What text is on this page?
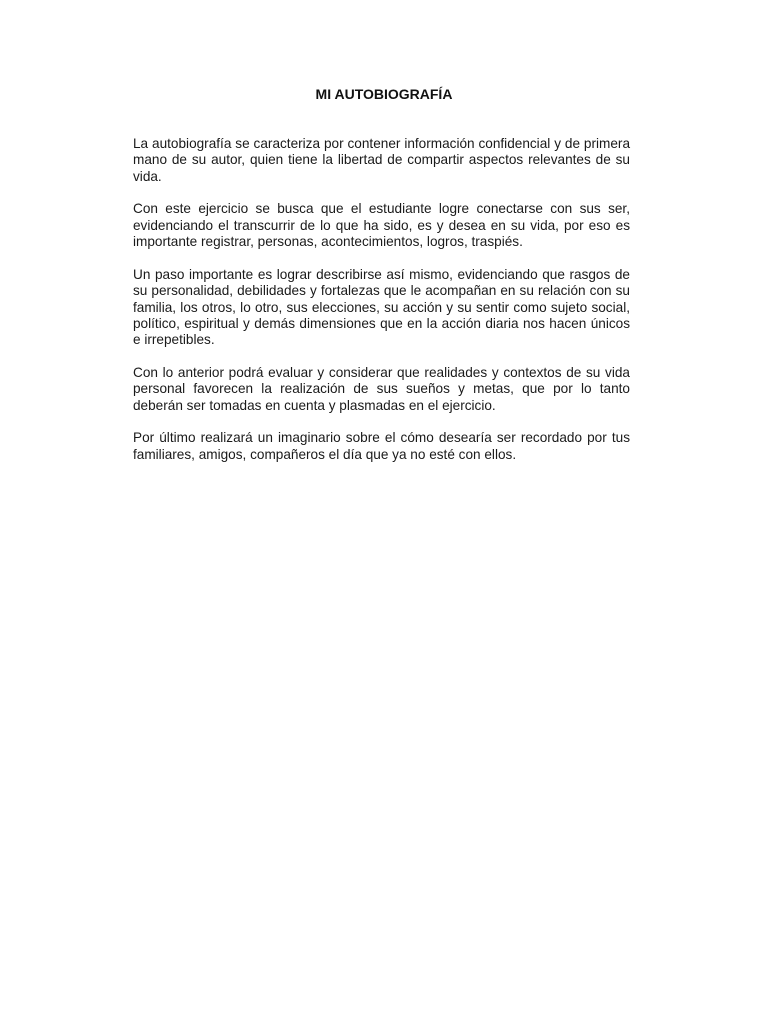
MI AUTOBIOGRAFÍA

La autobiografía se caracteriza por contener información confidencial y de primera mano de su autor, quien tiene la libertad de compartir aspectos relevantes de su vida.

Con este ejercicio se busca que el estudiante logre conectarse con sus ser, evidenciando el transcurrir de lo que ha sido, es y desea en su vida, por eso es importante registrar, personas, acontecimientos, logros, traspiés.

Un paso importante es lograr describirse así mismo, evidenciando que rasgos de su personalidad, debilidades y fortalezas que le acompañan en su relación con su familia, los otros, lo otro, sus elecciones, su acción y su sentir como sujeto social, político, espiritual y demás dimensiones que en la acción diaria nos hacen únicos e irrepetibles.

Con lo anterior podrá evaluar y considerar que realidades y contextos de su vida personal favorecen la realización de sus sueños y metas, que por lo tanto deberán ser tomadas en cuenta y plasmadas en el ejercicio.

Por último realizará un imaginario sobre el cómo desearía ser recordado por tus familiares, amigos, compañeros el día que ya no esté con ellos.
